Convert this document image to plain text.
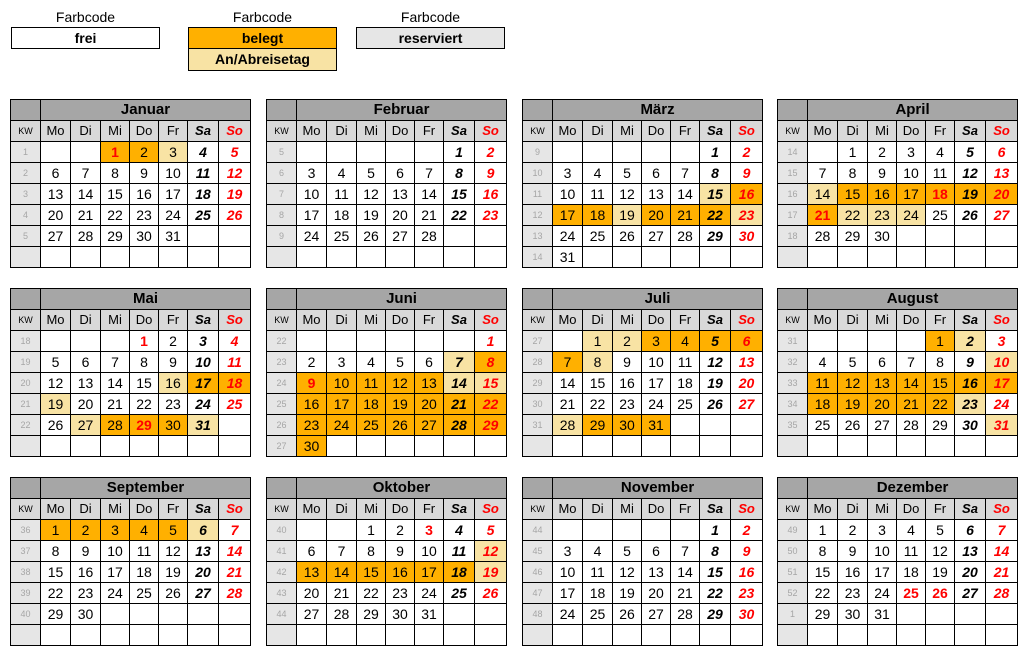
Farbcode
frei
Farbcode
belegt
An/Abreisetag
Farbcode
reserviert
	Januar						
KW	Mo	Di	Mi	Do	Fr	Sa	So
1			1	2	3	4	5
2	6	7	8	9	10	11	12
3	13	14	15	16	17	18	19
4	20	21	22	23	24	25	26
5	27	28	29	30	31		

	Februar						
KW	Mo	Di	Mi	Do	Fr	Sa	So
5						1	2
6	3	4	5	6	7	8	9
7	10	11	12	13	14	15	16
8	17	18	19	20	21	22	23
9	24	25	26	27	28		

	März						
KW	Mo	Di	Mi	Do	Fr	Sa	So
9						1	2
10	3	4	5	6	7	8	9
11	10	11	12	13	14	15	16
12	17	18	19	20	21	22	23
13	24	25	26	27	28	29	30
14	31						
	April						
KW	Mo	Di	Mi	Do	Fr	Sa	So
14		1	2	3	4	5	6
15	7	8	9	10	11	12	13
16	14	15	16	17	18	19	20
17	21	22	23	24	25	26	27
18	28	29	30				

	Mai						
KW	Mo	Di	Mi	Do	Fr	Sa	So
18				1	2	3	4
19	5	6	7	8	9	10	11
20	12	13	14	15	16	17	18
21	19	20	21	22	23	24	25
22	26	27	28	29	30	31	

	Juni						
KW	Mo	Di	Mi	Do	Fr	Sa	So
22							1
23	2	3	4	5	6	7	8
24	9	10	11	12	13	14	15
25	16	17	18	19	20	21	22
26	23	24	25	26	27	28	29
27	30						
	Juli						
KW	Mo	Di	Mi	Do	Fr	Sa	So
27		1	2	3	4	5	6
28	7	8	9	10	11	12	13
29	14	15	16	17	18	19	20
30	21	22	23	24	25	26	27
31	28	29	30	31			

	August						
KW	Mo	Di	Mi	Do	Fr	Sa	So
31					1	2	3
32	4	5	6	7	8	9	10
33	11	12	13	14	15	16	17
34	18	19	20	21	22	23	24
35	25	26	27	28	29	30	31

	September						
KW	Mo	Di	Mi	Do	Fr	Sa	So
36	1	2	3	4	5	6	7
37	8	9	10	11	12	13	14
38	15	16	17	18	19	20	21
39	22	23	24	25	26	27	28
40	29	30					

	Oktober						
KW	Mo	Di	Mi	Do	Fr	Sa	So
40			1	2	3	4	5
41	6	7	8	9	10	11	12
42	13	14	15	16	17	18	19
43	20	21	22	23	24	25	26
44	27	28	29	30	31		

	November						
KW	Mo	Di	Mi	Do	Fr	Sa	So
44						1	2
45	3	4	5	6	7	8	9
46	10	11	12	13	14	15	16
47	17	18	19	20	21	22	23
48	24	25	26	27	28	29	30

	Dezember						
KW	Mo	Di	Mi	Do	Fr	Sa	So
49	1	2	3	4	5	6	7
50	8	9	10	11	12	13	14
51	15	16	17	18	19	20	21
52	22	23	24	25	26	27	28
1	29	30	31				
